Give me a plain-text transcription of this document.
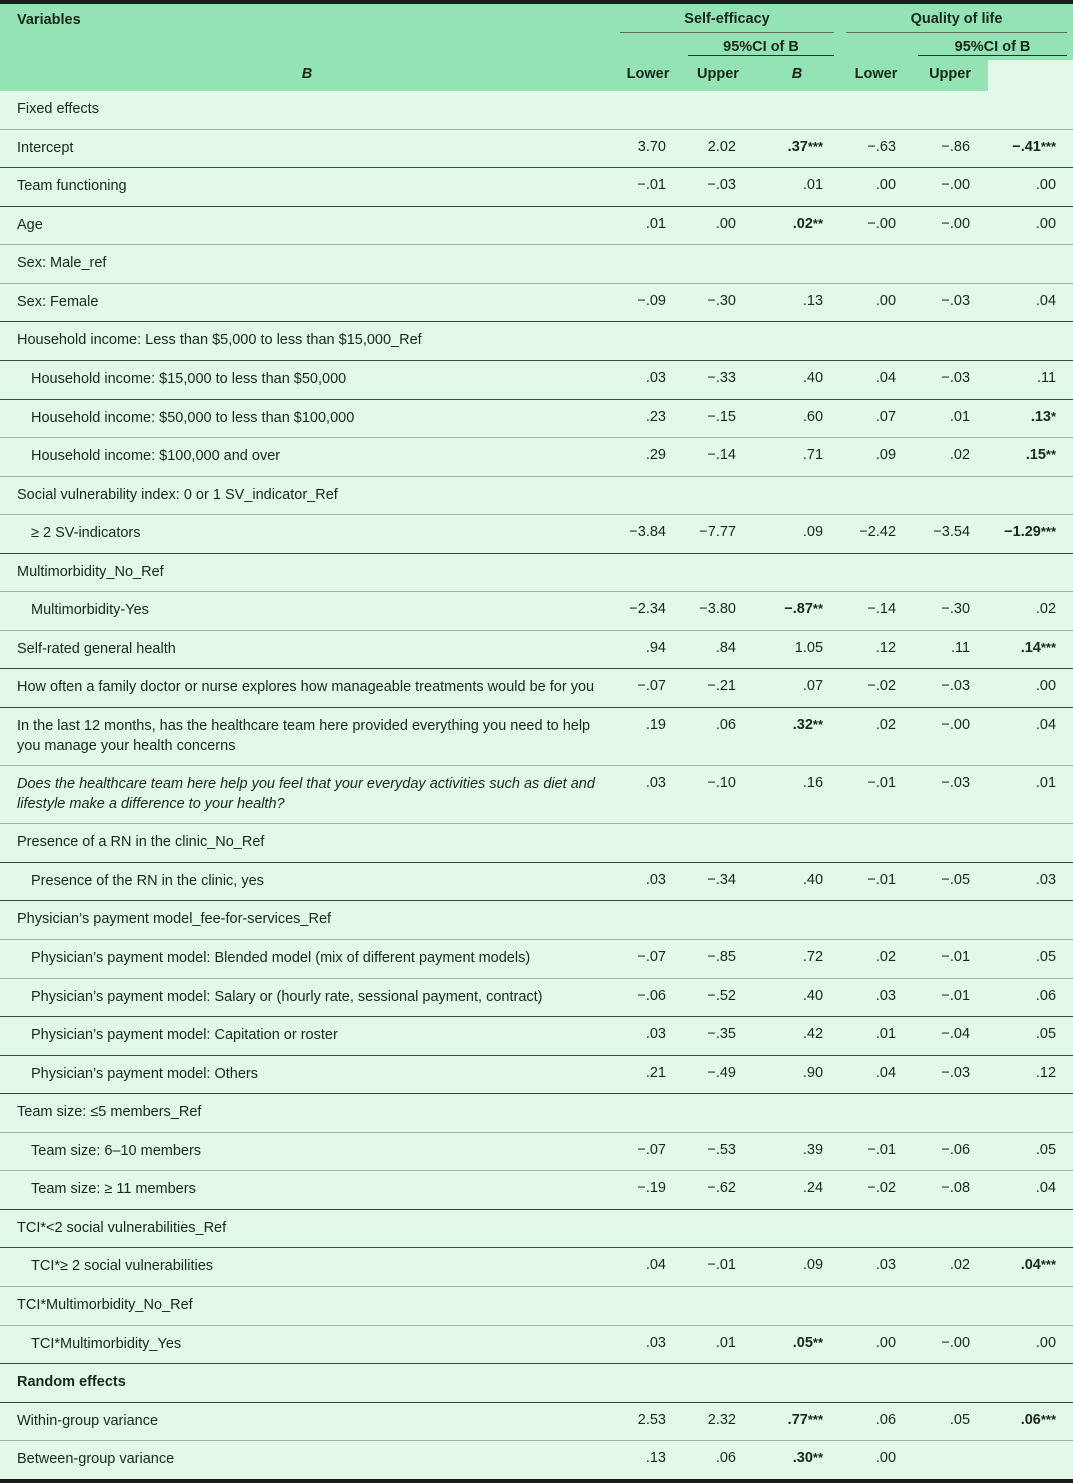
Variables	Self-efficacy			Quality of life		

		95%CI of B			95%CI of B	

B	Lower	Upper	B	Lower	Upper	
Fixed effects						
Intercept	3.70	2.02	.37***	−.63	−.86	−.41***
Team functioning	−.01	−.03	.01	.00	−.00	.00
Age	.01	.00	.02**	−.00	−.00	.00
Sex: Male_ref						
Sex: Female	−.09	−.30	.13	.00	−.03	.04
Household income: Less than $5,000 to less than $15,000_Ref						
Household income: $15,000 to less than $50,000	.03	−.33	.40	.04	−.03	.11
Household income: $50,000 to less than $100,000	.23	−.15	.60	.07	.01	.13*
Household income: $100,000 and over	.29	−.14	.71	.09	.02	.15**
Social vulnerability index: 0 or 1 SV_indicator_Ref						
≥ 2 SV-indicators	−3.84	−7.77	.09	−2.42	−3.54	−1.29***
Multimorbidity_No_Ref						
Multimorbidity-Yes	−2.34	−3.80	−.87**	−.14	−.30	.02
Self-rated general health	.94	.84	1.05	.12	.11	.14***
How often a family doctor or nurse explores how manageable treatments would be for you	−.07	−.21	.07	−.02	−.03	.00
In the last 12 months, has the healthcare team here provided everything you need to help you manage your health concerns	.19	.06	.32**	.02	−.00	.04
Does the healthcare team here help you feel that your everyday activities such as diet and lifestyle make a difference to your health?	.03	−.10	.16	−.01	−.03	.01
Presence of a RN in the clinic_No_Ref						
Presence of the RN in the clinic, yes	.03	−.34	.40	−.01	−.05	.03
Physician’s payment model_fee-for-services_Ref						
Physician’s payment model: Blended model (mix of different payment models)	−.07	−.85	.72	.02	−.01	.05
Physician’s payment model: Salary or (hourly rate, sessional payment, contract)	−.06	−.52	.40	.03	−.01	.06
Physician’s payment model: Capitation or roster	.03	−.35	.42	.01	−.04	.05
Physician’s payment model: Others	.21	−.49	.90	.04	−.03	.12
Team size: ≤5 members_Ref						
Team size: 6–10 members	−.07	−.53	.39	−.01	−.06	.05
Team size: ≥ 11 members	−.19	−.62	.24	−.02	−.08	.04
TCI*<2 social vulnerabilities_Ref						
TCI*≥ 2 social vulnerabilities	.04	−.01	.09	.03	.02	.04***
TCI*Multimorbidity_No_Ref						
TCI*Multimorbidity_Yes	.03	.01	.05**	.00	−.00	.00
Random effects						
Within-group variance	2.53	2.32	.77***	.06	.05	.06***
Between-group variance	.13	.06	.30**	.00		
